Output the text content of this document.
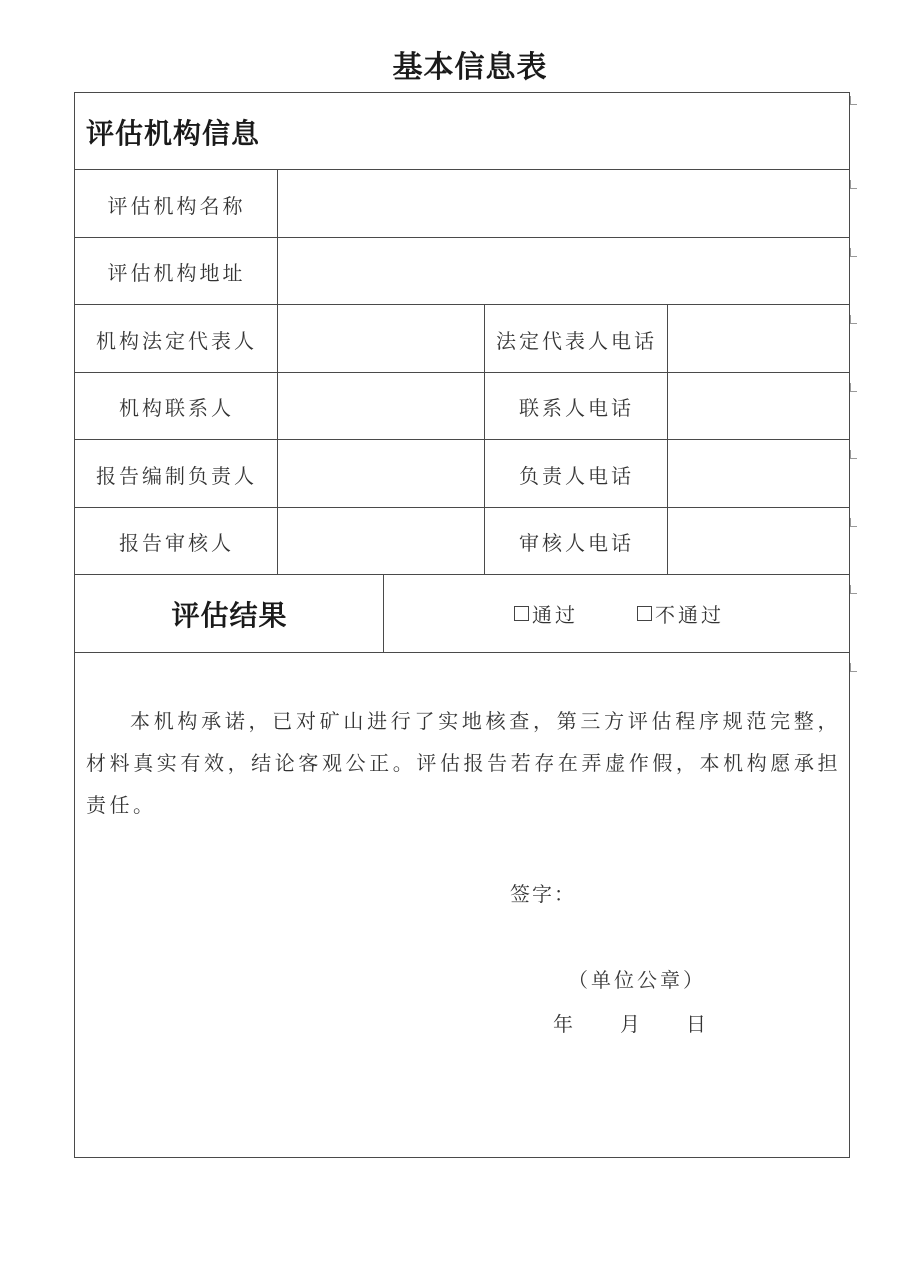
基本信息表
评估机构信息
评估机构名称
评估机构地址
机构法定代表人	法定代表人电话
机构联系人	联系人电话
报告编制负责人	负责人电话
报告审核人	审核人电话
评估结果	通过	不通过
本机构承诺，已对矿山进行了实地核查，第三方评估程序规范完整，材料真实有效，结论客观公正。评估报告若存在弄虚作假，本机构愿承担责任。
签字：
（单位公章）
年 月 日
